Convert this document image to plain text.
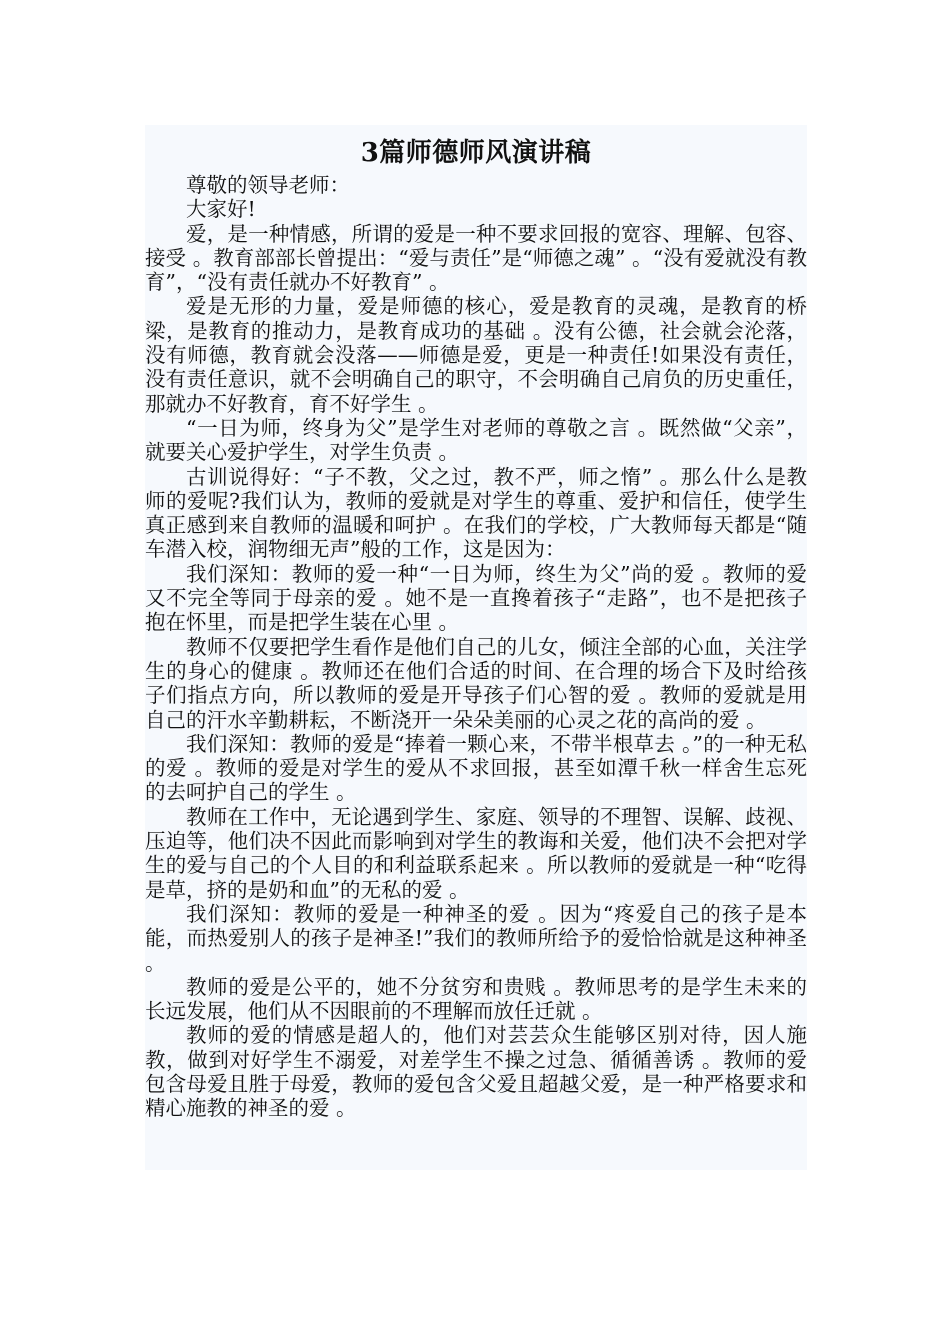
3篇师德师风演讲稿

尊敬的领导老师：

大家好!

爱，是一种情感，所谓的爱是一种不要求回报的宽容、理解、包容、接受 。教育部部长曾提出：“爱与责任”是“师德之魂” 。“没有爱就没有教育”，“没有责任就办不好教育” 。

爱是无形的力量，爱是师德的核心，爱是教育的灵魂，是教育的桥梁，是教育的推动力，是教育成功的基础 。没有公德，社会就会沦落，没有师德，教育就会没落——师德是爱，更是一种责任!如果没有责任，没有责任意识，就不会明确自己的职守，不会明确自己肩负的历史重任，那就办不好教育，育不好学生 。

“一日为师，终身为父”是学生对老师的尊敬之言 。既然做“父亲”，就要关心爱护学生，对学生负责 。

古训说得好：“子不教，父之过，教不严，师之惰” 。那么什么是教师的爱呢?我们认为，教师的爱就是对学生的尊重、爱护和信任，使学生真正感到来自教师的温暖和呵护 。在我们的学校，广大教师每天都是“随车潜入校，润物细无声”般的工作，这是因为：

我们深知：教师的爱一种“一日为师，终生为父”尚的爱 。教师的爱又不完全等同于母亲的爱 。她不是一直搀着孩子“走路”，也不是把孩子抱在怀里，而是把学生装在心里 。

教师不仅要把学生看作是他们自己的儿女，倾注全部的心血，关注学生的身心的健康 。教师还在他们合适的时间、在合理的场合下及时给孩子们指点方向，所以教师的爱是开导孩子们心智的爱 。教师的爱就是用自己的汗水辛勤耕耘，不断浇开一朵朵美丽的心灵之花的高尚的爱 。

我们深知：教师的爱是“捧着一颗心来，不带半根草去 。”的一种无私的爱 。教师的爱是对学生的爱从不求回报，甚至如潭千秋一样舍生忘死的去呵护自己的学生 。

教师在工作中，无论遇到学生、家庭、领导的不理智、误解、歧视、压迫等，他们决不因此而影响到对学生的教诲和关爱，他们决不会把对学生的爱与自己的个人目的和利益联系起来 。所以教师的爱就是一种“吃得是草，挤的是奶和血”的无私的爱 。

我们深知：教师的爱是一种神圣的爱 。因为“疼爱自己的孩子是本能，而热爱别人的孩子是神圣!”我们的教师所给予的爱恰恰就是这种神圣 。

教师的爱是公平的，她不分贫穷和贵贱 。教师思考的是学生未来的长远发展，他们从不因眼前的不理解而放任迁就 。

教师的爱的情感是超人的，他们对芸芸众生能够区别对待，因人施教，做到对好学生不溺爱，对差学生不操之过急、循循善诱 。教师的爱包含母爱且胜于母爱，教师的爱包含父爱且超越父爱，是一种严格要求和精心施教的神圣的爱 。
